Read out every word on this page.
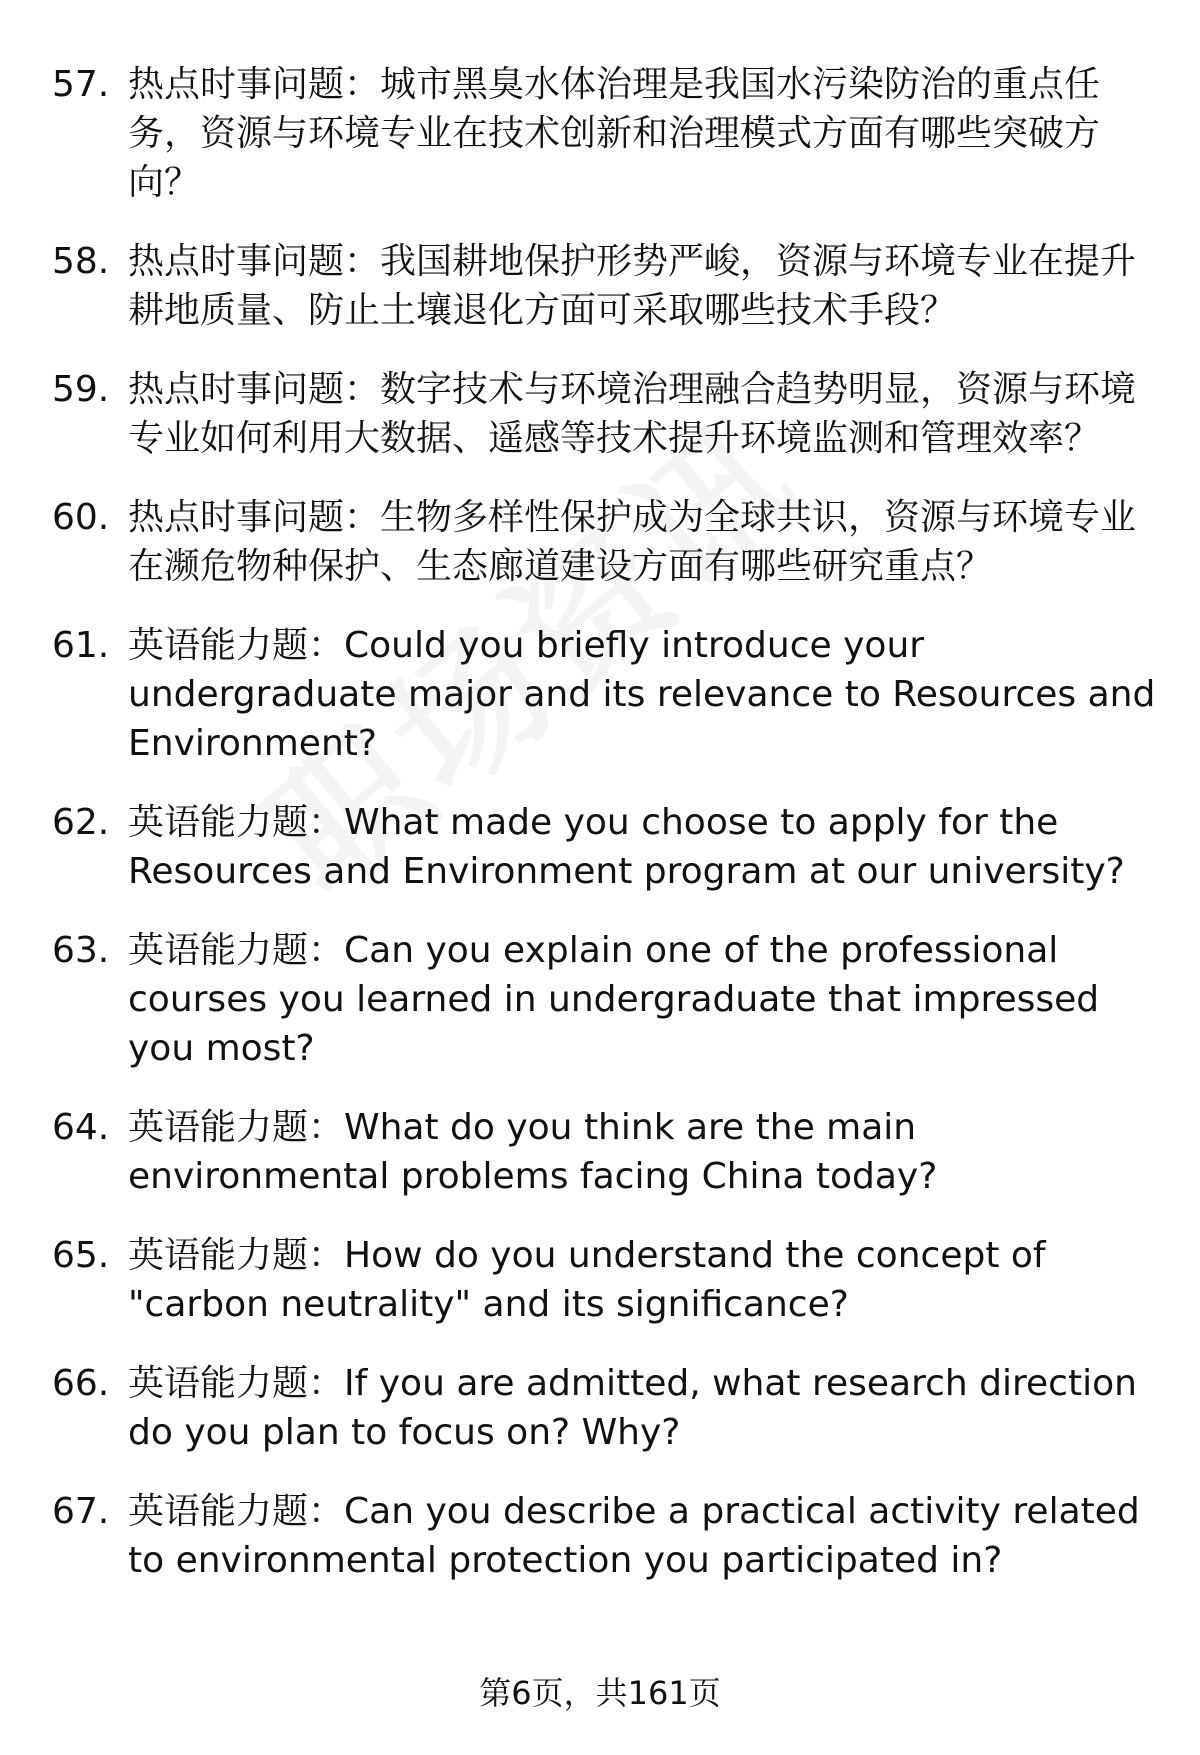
57. 热点时事问题：城市黑臭水体治理是我国水污染防治的重点任务，资源与环境专业在技术创新和治理模式方面有哪些突破方向？
58. 热点时事问题：我国耕地保护形势严峻，资源与环境专业在提升耕地质量、防止土壤退化方面可采取哪些技术手段？
59. 热点时事问题：数字技术与环境治理融合趋势明显，资源与环境专业如何利用大数据、遥感等技术提升环境监测和管理效率？
60. 热点时事问题：生物多样性保护成为全球共识，资源与环境专业在濒危物种保护、生态廊道建设方面有哪些研究重点？
61. 英语能力题：Could you briefly introduce your undergraduate major and its relevance to Resources and Environment?
62. 英语能力题：What made you choose to apply for the Resources and Environment program at our university?
63. 英语能力题：Can you explain one of the professional courses you learned in undergraduate that impressed you most?
64. 英语能力题：What do you think are the main environmental problems facing China today?
65. 英语能力题：How do you understand the concept of "carbon neutrality" and its significance?
66. 英语能力题：If you are admitted, what research direction do you plan to focus on? Why?
67. 英语能力题：Can you describe a practical activity related to environmental protection you participated in?
第6页，共161页
